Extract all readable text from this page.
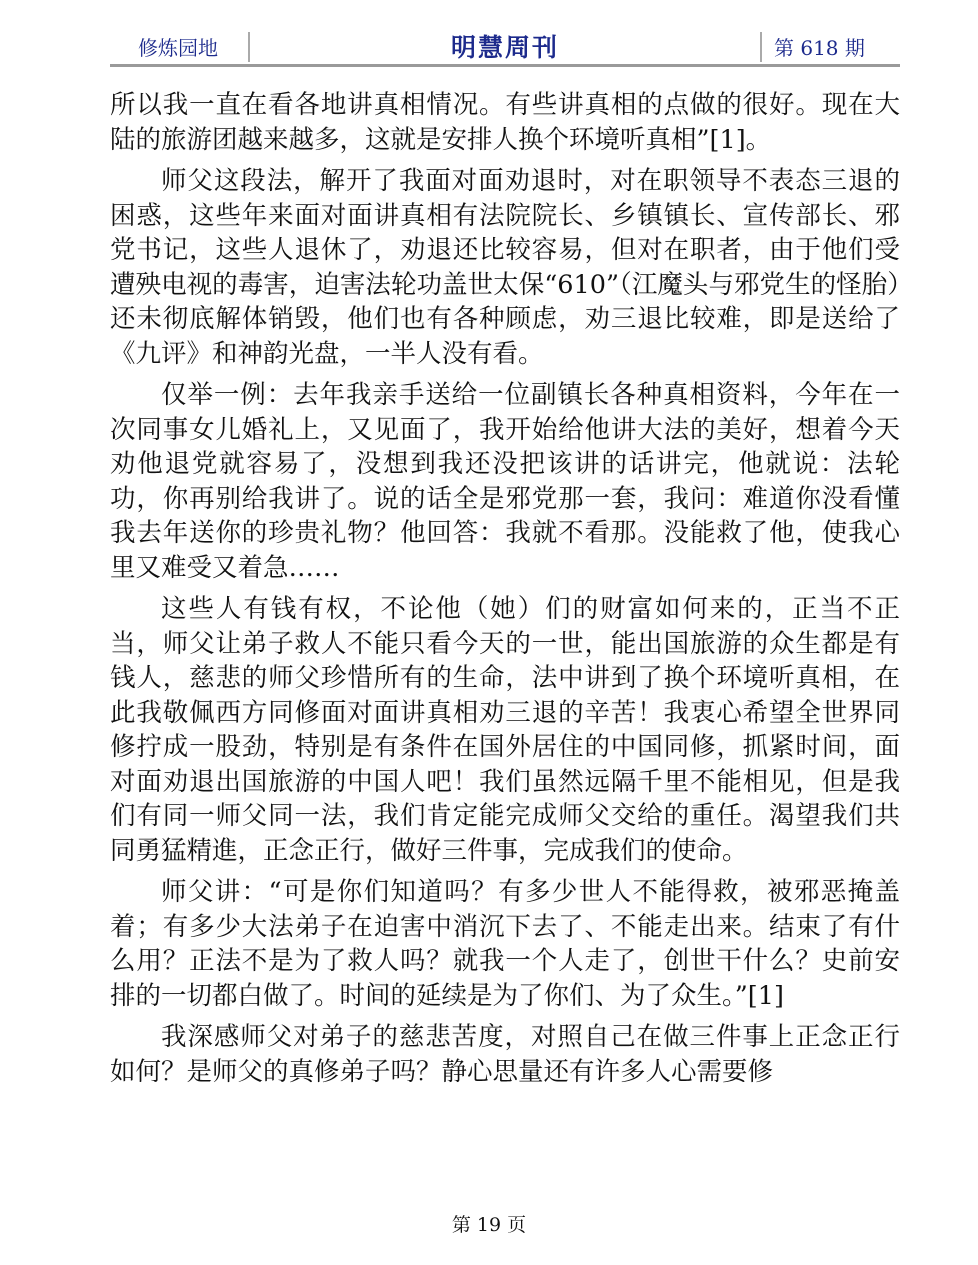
修炼园地	明慧周刊	第 618 期

所以我一直在看各地讲真相情况。有些讲真相的点做的很好。现在大陆的旅游团越来越多，这就是安排人换个环境听真相”[1]。

师父这段法，解开了我面对面劝退时，对在职领导不表态三退的困惑，这些年来面对面讲真相有法院院长、乡镇镇长、宣传部长、邪党书记，这些人退休了，劝退还比较容易，但对在职者，由于他们受遭殃电视的毒害，迫害法轮功盖世太保“610”（江魔头与邪党生的怪胎）还未彻底解体销毁，他们也有各种顾虑，劝三退比较难，即是送给了《九评》和神韵光盘，一半人没有看。

仅举一例：去年我亲手送给一位副镇长各种真相资料，今年在一次同事女儿婚礼上，又见面了，我开始给他讲大法的美好，想着今天劝他退党就容易了，没想到我还没把该讲的话讲完，他就说：法轮功，你再别给我讲了。说的话全是邪党那一套，我问：难道你没看懂我去年送你的珍贵礼物？他回答：我就不看那。没能救了他，使我心里又难受又着急……

这些人有钱有权，不论他（她）们的财富如何来的，正当不正当，师父让弟子救人不能只看今天的一世，能出国旅游的众生都是有钱人，慈悲的师父珍惜所有的生命，法中讲到了换个环境听真相，在此我敬佩西方同修面对面讲真相劝三退的辛苦！我衷心希望全世界同修拧成一股劲，特别是有条件在国外居住的中国同修，抓紧时间，面对面劝退出国旅游的中国人吧！我们虽然远隔千里不能相见，但是我们有同一师父同一法，我们肯定能完成师父交给的重任。渴望我们共同勇猛精進，正念正行，做好三件事，完成我们的使命。

师父讲：“可是你们知道吗？有多少世人不能得救，被邪恶掩盖着；有多少大法弟子在迫害中消沉下去了、不能走出来。结束了有什么用？正法不是为了救人吗？就我一个人走了，创世干什么？史前安排的一切都白做了。时间的延续是为了你们、为了众生。”[1]

我深感师父对弟子的慈悲苦度，对照自己在做三件事上正念正行如何？是师父的真修弟子吗？静心思量还有许多人心需要修

第 19 页
